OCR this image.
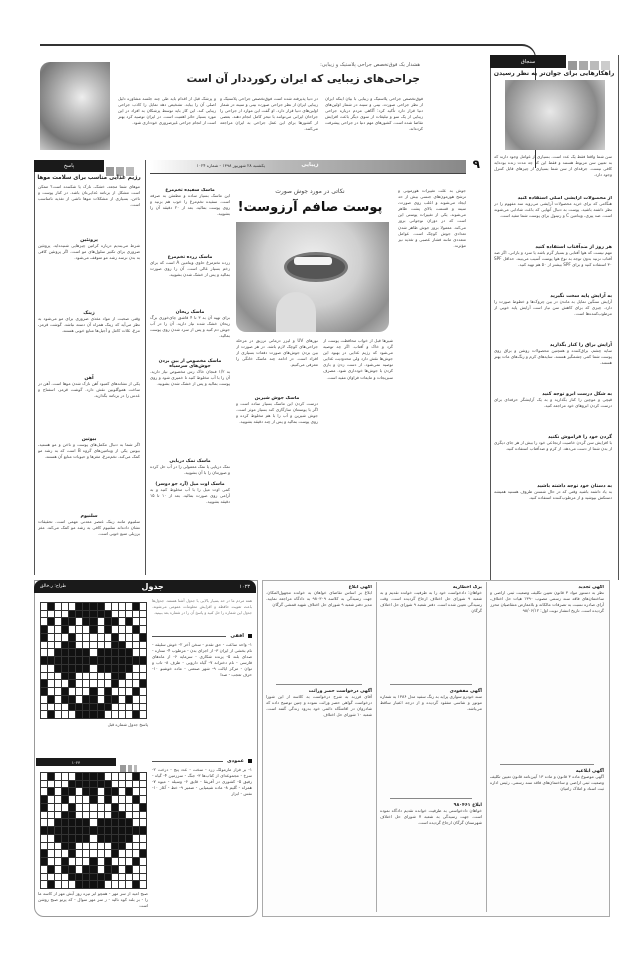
هشدار یک فوق‌تخصص جراحی پلاستیک و زیبایی:
جراحی‌های زیبایی که ایران رکورددار آن است
فوق‌تخصص جراحی پلاستیک و زیبایی با بیان اینکه ایران از نظر جراحی صورت، بینی و سینه در شمار اولین‌های دنیا قرار دارد تأکید کرد: آگاهی مردم درباره جراحی زیبایی از یک سو و تبلیغات از سوی دیگر باعث افزایش تقاضا شده است. کشورهای مهم دنیا در جراحی پیشرفت کرده‌اند.
در دنیا پذیرفته شده است فوق‌تخصص جراحی پلاستیک و زیبایی ایران از نظر جراحی صورت بینی و سینه در شمار اولین‌های دنیا قرار دارد. او گفت این موارد از جراحی را جراحان ایرانی می‌توانند با تبحر کامل انجام دهند. بعضی از کشورها برای این عمل جراحی به ایران مراجعه می‌کنند.
و پزشک قبل از اقدام باید طی چند جلسه مشاوره دلیل اصلی آن را بیابد. تشخیص دهد تمایل را کاذب جراحی زیبایی کند. این کار باید توسط پزشکان به افراد در این مورد بسیار حائز اهمیت است. در ایران توصیه کرد بهتر است از انجام جراحی غیرضروری خودداری شود.
سنجاق
راهکارهایی برای جوان‌تر به نظر رسیدن
سن شما واقعا فقط یک عدد است. بسیاری از عوامل وجود دارند که به تعیین سن مربوط هستند و فقط این که چه مدت زنده بوده‌اید کافی نیست. جرقه‌ای از سن شما بسیاری از چیزهای قابل کنترل وجود دارد.
از محصولات آرایشی اصلی استفاده کنید
هنگامی که برای خرید محصولات آرایشی می‌روید سه مفهوم را در نظر داشته باشید. پوست به دنبال آنهایی که باعث شادابی می‌شوند است. ضد پیری، ویتامین C و رتینول برای پوست شما مفید است.
هر روز از ضدآفتاب استفاده کنید
مهم نیست که هوا آفتابی و بسیار گرم باشد یا سرد و بارانی. اگر ضد آفتاب نزنید بدون توجه به نوع هوا پوست آسیب می‌بیند. حداقل SPF ۳۰ استفاده کنید و برای SPF بیشتر از ۵۰ هم تهیه کنید.
به آرایش پایه سخت نگیرید
آرایش سنگین تمایل به ماندن در بین چروک‌ها و خطوط صورت را دارد. چیزی که برای کاهش سن نیاز است آرایش پایه خوبی از مرطوب‌کننده‌ها است.
آرایش براق را کنار بگذارید
سایه چشم، براق‌کننده و همچنین محصولات روشن و براق روی پوست شما کمی چشمگیر هستند. سایه‌های کرم و رنگ‌های مات بهتر هستند.
به شکل درست ابرو توجه کنید
قیچی و موچین را کنار بگذارید و به یک آرایشگر حرفه‌ای برای درست کردن ابروهای خود مراجعه کنید.
گردن خود را فراموش نکنید
با افزایش سن گردن خاصیت ارتجاعی خود را بیش از هر جای دیگری از بدن شما از دست می‌دهد. از کرم و ضدآفتاب استفاده کنید.
به دستان خود توجه داشته باشید
به یاد داشته باشید وقتی که در حال شستن ظروف هستید همیشه دستکش بپوشید و از مرطوب‌کننده استفاده کنید.
۹
زیبایی
یکشنبه ۲۸ شهریور ۱۳۹۸ - شماره ۱۰۲۴
پاسخ
رژیم غذایی مناسب برای سلامت موها
موهای شما مجعد، خشک، نازک یا شکننده است؟ ممکن است مشکل از برنامه غذایی‌تان باشد. در کنار پوست و ناخن، بسیاری از مشکلات موها ناشی از تغذیه نامناسب است.
پروتئین
شرط می‌بندیم درباره کراتین چیزهایی شنیده‌اید. پروتئین ضروری برای تکثیر سلول‌های مو است. اگر پروتئین کافی به بدن نرسد رشد مو متوقف می‌شود.
زینک
وقتی صحبت از مواد مغذی ضروری برای مو می‌شود به نظر می‌آید که زینک همراه آن دسته نباشد. گوشت قرمز، مرغ، غلات کامل و آجیل‌ها منابع خوبی هستند.
آهن
یکی از نشانه‌های کمبود آهن نازک شدن موها است. آهن در ساخت هموگلوبین نقش دارد. گوشت قرمز، اسفناج و عدس را در برنامه بگذارید.
بیوتین
اگر شما به دنبال مکمل‌های پوست و ناخن و مو هستید، بیوتین یکی از ویتامین‌های گروه B است که به رشد مو کمک می‌کند. تخم‌مرغ، مغزها و حبوبات منابع آن هستند.
سلنیوم
سلنیوم مانند زینک عنصر معدنی مهمی است. تحقیقات نشان داده‌اند سلنیوم کافی به رشد مو کمک می‌کند. مغز برزیلی منبع خوبی است.
نکاتی در مورد جوش صورت
پوست صافم آرزوست!
جوش به علت تغییرات هورمونی و ترشح هورمون‌های جنسی بیش از حد ایجاد می‌شوند و اغلب روی صورت، سینه و قسمت بالای پشت ظاهر می‌شوند. یکی از تغییرات پوستی این است که در دوران نوجوانی بروز می‌کند. معمولا بروز جوش ظاهر شدن تعدادی جوش کوچک است. عوامل متعددی مانند فشار عصبی و تغذیه نیز مؤثرند.
شیرها قبل از خواب محافظت پوست از گرد و خاک و آفتاب. اگر چه توصیه می‌شود که رژیم غذایی در بهبود این جوش‌ها نقش دارد ولی محدودیت غذایی توصیه نمی‌شود. از دست زدن و بازی کردن با جوش‌ها خودداری شود. مصرف سبزیجات و مایعات فراوان مفید است.
نورهای UV و لیزر درمانی ترزیق در مرحله جراحی‌های کوچک لازم باشد. در هر صورت از بین بردن جوش‌های صورت دفعات بسیاری از افراد است. در ادامه چند ماسک خانگی را معرفی می‌کنیم.
ماسک جوش شیرین
درست کردن این ماسک بسیار ساده است و اگر با پوستتان سازگاری کند بسیار موثر است. جوش شیرین و آب را با هم مخلوط کرده و روی پوست بمالید و پس از چند دقیقه بشویید.
ماسک سفیده تخم‌مرغ
این ماسک بسیار ساده و مطمئن به صرفه است. سفیده تخم‌مرغ را خوب هم بزنید و روی پوست بمالید. بعد از ۲۰ دقیقه آن را بشویید.
ماسک زرده تخم‌مرغ
زرده تخم‌مرغ حاوی ویتامین A است که برای زخم بسیار عالی است. آن را روی صورت بمالید و پس از خشک شدن بشویید.
ماسک ریحان
برای تهیه آن به ۳ تا ۴ قاشق چای‌خوری برگ ریحان خشک شده نیاز دارید. آن را در آب جوش دم کنید و پس از سرد شدن روی پوست بمالید.
ماسک مخصوص از بین بردن جوش‌های سرسیاه
به ۱/۲ فنجان خاک رس مخصوص نیاز دارید. آن را با آب مخلوط کنید تا خمیری شود و روی پوست بمالید و پس از خشک شدن بشویید.
ماسک نمک دریایی
نمک دریایی یا نمک معمولی را در آب حل کرده و صورتتان را با آن بشویید.
ماسک اوت میل (آرد جو دوسر)
کمی اوت میل را با آب مخلوط کنید و به آرامی روی صورت بمالید. بعد از ۱۰ تا ۱۵ دقیقه بشویید.
۱۰۲۳
جدول
طراح: ر.خالق
همه مردم ما در حد بسیار بالایی با جدول آشنا هستند. جدول‌ها باعث تقویت حافظه و افزایش معلومات عمومی می‌شوند. جدول این شماره را حل کنید و پاسخ آن را در شماره بعد ببینید.
افقی
۱- واحد ساعت - حق تقدم - سخن آخر ۲- خوش سلیقه - نام بخشی از ایران ۳- از اجزای بدن - مرطوب ۴- ستاره - صدای بلند ۵- پرنده شکاری - سرمایه ۶- از ماه‌های فارسی - نام دخترانه ۷- گیاه دارویی - ظرف ۸- تاب و توان - مرکز ایالت ۹- شهر صنعتی - ماده خوشبو ۱۰- حرف تعجب - صدا
پاسخ جدول شماره قبل
۱۰۲۴	عمودی
۱- بر فراز مارمولک زرد - سخت - عدد پنج - درخت ۲- سرخ - مجموعه‌ای از کتاب‌ها ۳- جنگ - سرزمین ۴- گیاه - رفیق ۵- کشوری در آفریقا - قایق ۶- وسیله - میوه ۷- همراه - گلیم ۸- ماده شیمیایی - ضمیر ۹- خط - آغاز ۱۰- نفس - ابزار
صبح امید از سر مهر - همچو ابر تیره روز آبش مهر از کاسه ما را - بر بلند کوه نالید - ز سر مهر سوال - که پرتو صبح روشن است
آگهی تجدید
نظر به دستور مواد ۳ قانون تعیین تکلیف وضعیت ثبتی اراضی و ساختمان‌های فاقد سند رسمی مصوب ۱۳۹۰ هیات حل اختلاف، آرای صادره نسبت به تصرفات مالکانه و بلامعارض متقاضیان محرز گردیده است. تاریخ انتشار نوبت اول: ۹۸/۰۶/۱۲
آگهی ابلاغیه
آگهی موضوع ماده ۳ قانون و ماده ۱۳ آیین‌نامه قانون تعیین تکلیف وضعیت ثبتی اراضی و ساختمان‌های فاقد سند رسمی. رئیس اداره ثبت اسناد و املاک رامیان
برگ اخطاریه
خواهان: دادخواست خود را به طرفیت خوانده تقدیم و به شعبه ۹ شورای حل اختلاف ارجاع گردیده است. وقت رسیدگی تعیین شده است. دفتر شعبه ۹ شورای حل اختلاف گرگان
آگهی مفقودی
سند خودرو سواری پراید به رنگ سفید مدل ۱۳۸۶ به شماره موتور و شاسی مفقود گردیده و از درجه اعتبار ساقط می‌باشد.
ابلاغ ۹۸۰۴۶۱
خواهان دادخواستی به طرفیت خوانده تقدیم دادگاه نموده است. جهت رسیدگی به شعبه ۷ شورای حل اختلاف شهرستان گرگان ارجاع گردیده است.
آگهی ابلاغ
ابلاغ بر اساس تقاضای خواهان به خوانده مجهول‌المکان. جهت رسیدگی به کلاسه ۹۸۰۳۰۹ به دادگاه مراجعه نمایید. مدیر دفتر شعبه ۹ شورای حل اختلاف شهید قمشی گرگان
آگهی درخواست حصر وراثت
آقای فرزند به شرح درخواست به کلاسه از این شورا درخواست گواهی حصر وراثت نموده و چنین توضیح داده که شادروان در اقامتگاه دائمی خود بدرود زندگی گفته است. شعبه ۱۰ شورای حل اختلاف
